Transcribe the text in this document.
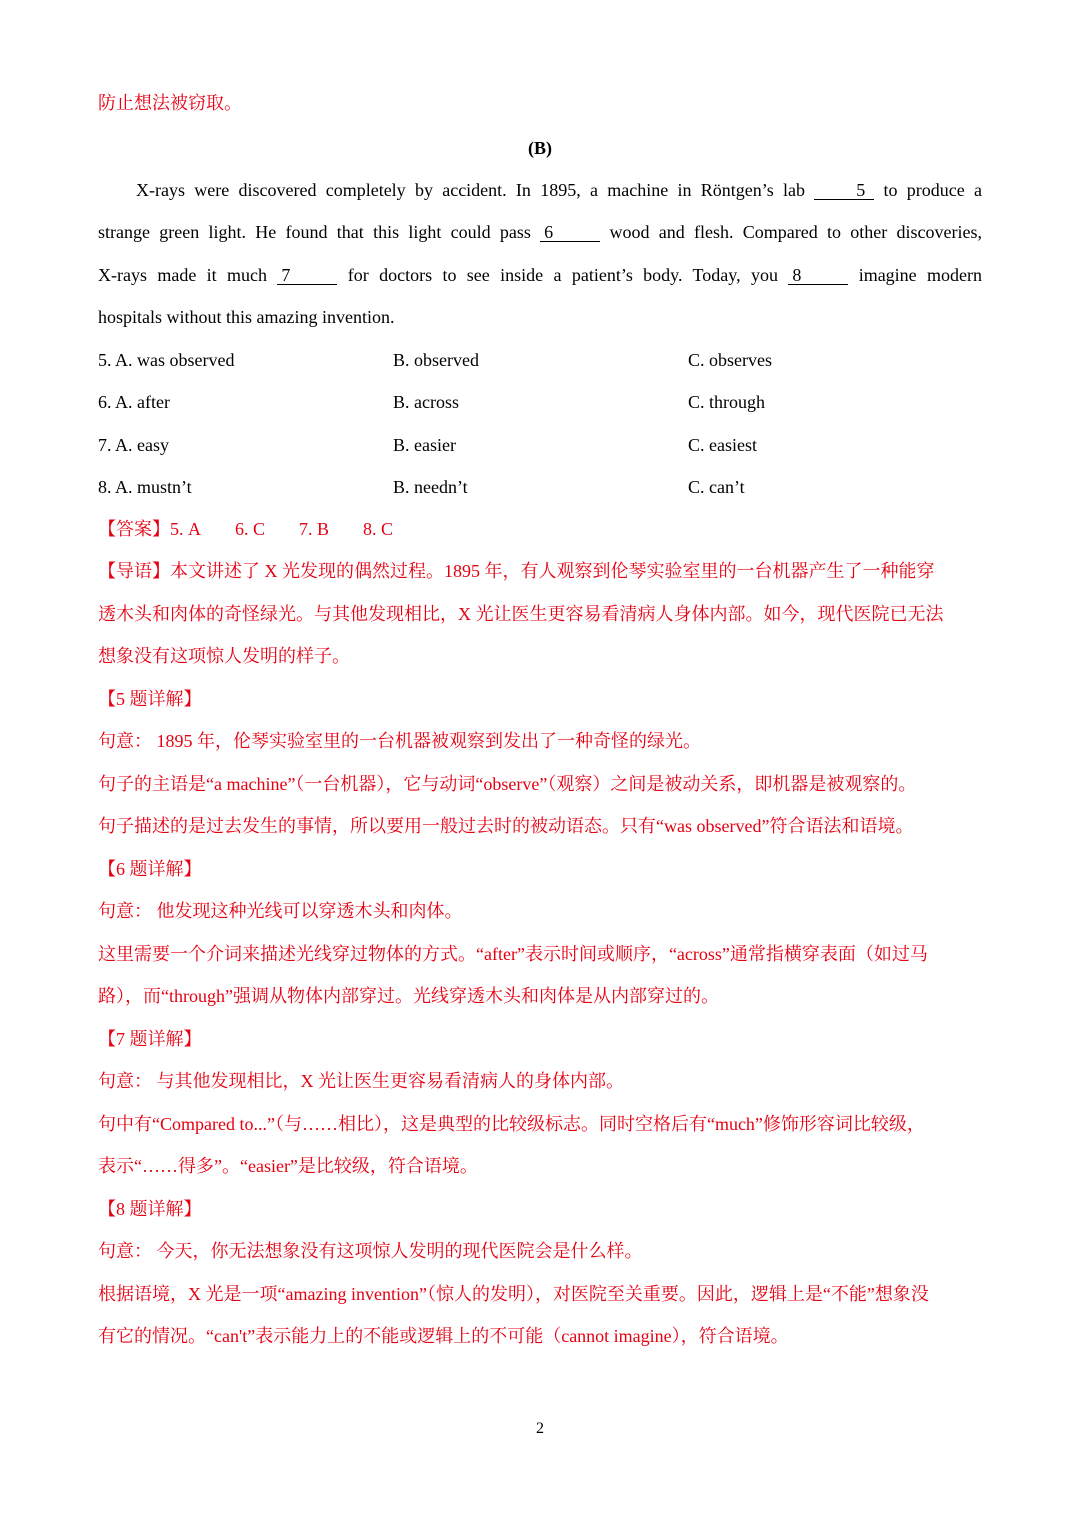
防止想法被窃取。
(B)
X-rays were discovered completely by accident. In 1895, a machine in Röntgen’s lab	5 to produce a
strange green light. He found that this light could pass 6	wood and flesh. Compared to other discoveries,
X-rays made it much 7	for doctors to see inside a patient’s body. Today, you 8	imagine modern
hospitals without this amazing invention.
5. A. was observed	B. observed	C. observes
6. A. after	B. across	C. through
7. A. easy	B. easier	C. easiest
8. A. mustn’t	B. needn’t	C. can’t
【答案】5. A 6. C 7. B 8. C
【导语】本文讲述了 X 光发现的偶然过程。1895 年，有人观察到伦琴实验室里的一台机器产生了一种能穿
透木头和肉体的奇怪绿光。与其他发现相比，X 光让医生更容易看清病人身体内部。如今，现代医院已无法
想象没有这项惊人发明的样子。
【5 题详解】
句意： 1895 年，伦琴实验室里的一台机器被观察到发出了一种奇怪的绿光。
句子的主语是“a machine”（一台机器），它与动词“observe”（观察）之间是被动关系，即机器是被观察的。
句子描述的是过去发生的事情，所以要用一般过去时的被动语态。只有“was observed”符合语法和语境。
【6 题详解】
句意： 他发现这种光线可以穿透木头和肉体。
这里需要一个介词来描述光线穿过物体的方式。“after”表示时间或顺序，“across”通常指横穿表面（如过马
路），而“through”强调从物体内部穿过。光线穿透木头和肉体是从内部穿过的。
【7 题详解】
句意： 与其他发现相比，X 光让医生更容易看清病人的身体内部。
句中有“Compared to...”（与……相比），这是典型的比较级标志。同时空格后有“much”修饰形容词比较级，
表示“……得多”。“easier”是比较级，符合语境。
【8 题详解】
句意： 今天，你无法想象没有这项惊人发明的现代医院会是什么样。
根据语境，X 光是一项“amazing invention”（惊人的发明），对医院至关重要。因此，逻辑上是“不能”想象没
有它的情况。“can't”表示能力上的不能或逻辑上的不可能（cannot imagine），符合语境。
2
